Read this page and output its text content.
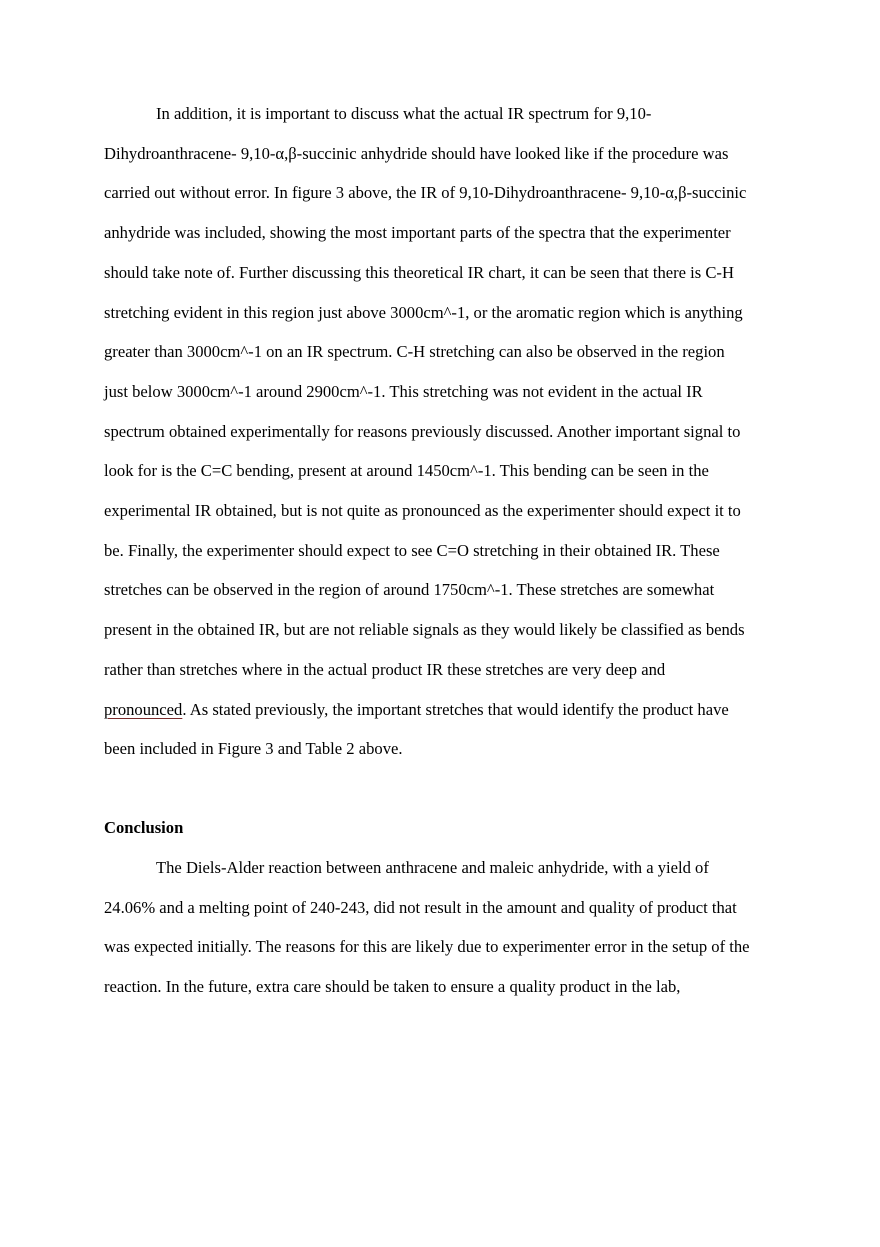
In addition, it is important to discuss what the actual IR spectrum for 9,10-
Dihydroanthracene- 9,10-α,β-succinic anhydride should have looked like if the procedure was
carried out without error. In figure 3 above, the IR of 9,10-Dihydroanthracene- 9,10-α,β-succinic
anhydride was included, showing the most important parts of the spectra that the experimenter
should take note of. Further discussing this theoretical IR chart, it can be seen that there is C-H
stretching evident in this region just above 3000cm^-1, or the aromatic region which is anything
greater than 3000cm^-1 on an IR spectrum. C-H stretching can also be observed in the region
just below 3000cm^-1 around 2900cm^-1. This stretching was not evident in the actual IR
spectrum obtained experimentally for reasons previously discussed. Another important signal to
look for is the C=C bending, present at around 1450cm^-1. This bending can be seen in the
experimental IR obtained, but is not quite as pronounced as the experimenter should expect it to
be. Finally, the experimenter should expect to see C=O stretching in their obtained IR. These
stretches can be observed in the region of around 1750cm^-1. These stretches are somewhat
present in the obtained IR, but are not reliable signals as they would likely be classified as bends
rather than stretches where in the actual product IR these stretches are very deep and
pronounced. As stated previously, the important stretches that would identify the product have
been included in Figure 3 and Table 2 above.

Conclusion

The Diels-Alder reaction between anthracene and maleic anhydride, with a yield of
24.06% and a melting point of 240-243, did not result in the amount and quality of product that
was expected initially. The reasons for this are likely due to experimenter error in the setup of the
reaction. In the future, extra care should be taken to ensure a quality product in the lab,
